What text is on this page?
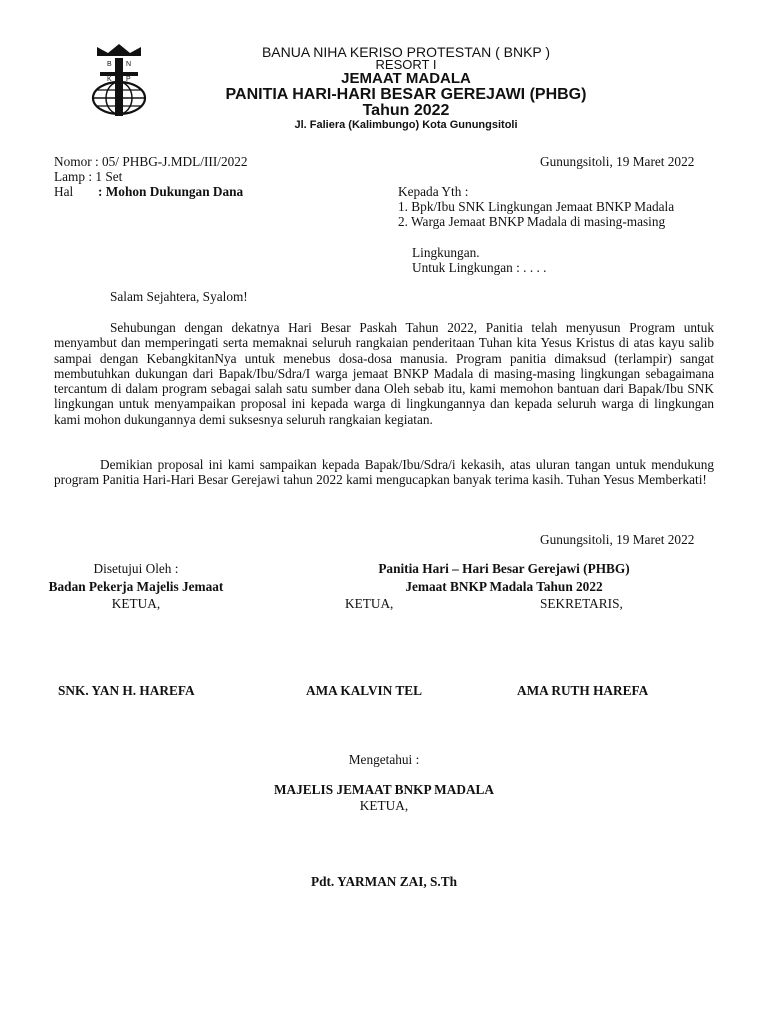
B N
K P
BANUA NIHA KERISO PROTESTAN ( BNKP )
RESORT I
JEMAAT MADALA
PANITIA HARI-HARI BESAR GEREJAWI (PHBG)
Tahun 2022
Jl. Faliera (Kalimbungo) Kota Gunungsitoli
Nomor : 05/ PHBG-J.MDL/III/2022
Lamp : 1 Set
Hal : Mohon Dukungan Dana
Gunungsitoli, 19 Maret 2022
Kepada Yth :
1. Bpk/Ibu SNK Lingkungan Jemaat BNKP Madala
2. Warga Jemaat BNKP Madala di masing-masing
Lingkungan.
Untuk Lingkungan : . . . .
Salam Sejahtera, Syalom!
Sehubungan dengan dekatnya Hari Besar Paskah Tahun 2022, Panitia telah menyusun Program untuk menyambut dan memperingati serta memaknai seluruh rangkaian penderitaan Tuhan kita Yesus Kristus di atas kayu salib sampai dengan KebangkitanNya untuk menebus dosa-dosa manusia. Program panitia dimaksud (terlampir) sangat membutuhkan dukungan dari Bapak/Ibu/Sdra/I warga jemaat BNKP Madala di masing-masing lingkungan sebagaimana tercantum di dalam program sebagai salah satu sumber dana Oleh sebab itu, kami memohon bantuan dari Bapak/Ibu SNK lingkungan untuk menyampaikan proposal ini kepada warga di lingkungannya dan kepada seluruh warga di lingkungan kami mohon dukungannya demi suksesnya seluruh rangkaian kegiatan.
Demikian proposal ini kami sampaikan kepada Bapak/Ibu/Sdra/i kekasih, atas uluran tangan untuk mendukung program Panitia Hari-Hari Besar Gerejawi tahun 2022 kami mengucapkan banyak terima kasih. Tuhan Yesus Memberkati!
Gunungsitoli, 19 Maret 2022
Disetujui Oleh :
Badan Pekerja Majelis Jemaat
KETUA,
Panitia Hari – Hari Besar Gerejawi (PHBG)
Jemaat BNKP Madala Tahun 2022
KETUA,	SEKRETARIS,
SNK. YAN H. HAREFA	AMA KALVIN TEL	AMA RUTH HAREFA
Mengetahui :
MAJELIS JEMAAT BNKP MADALA
KETUA,
Pdt. YARMAN ZAI, S.Th
